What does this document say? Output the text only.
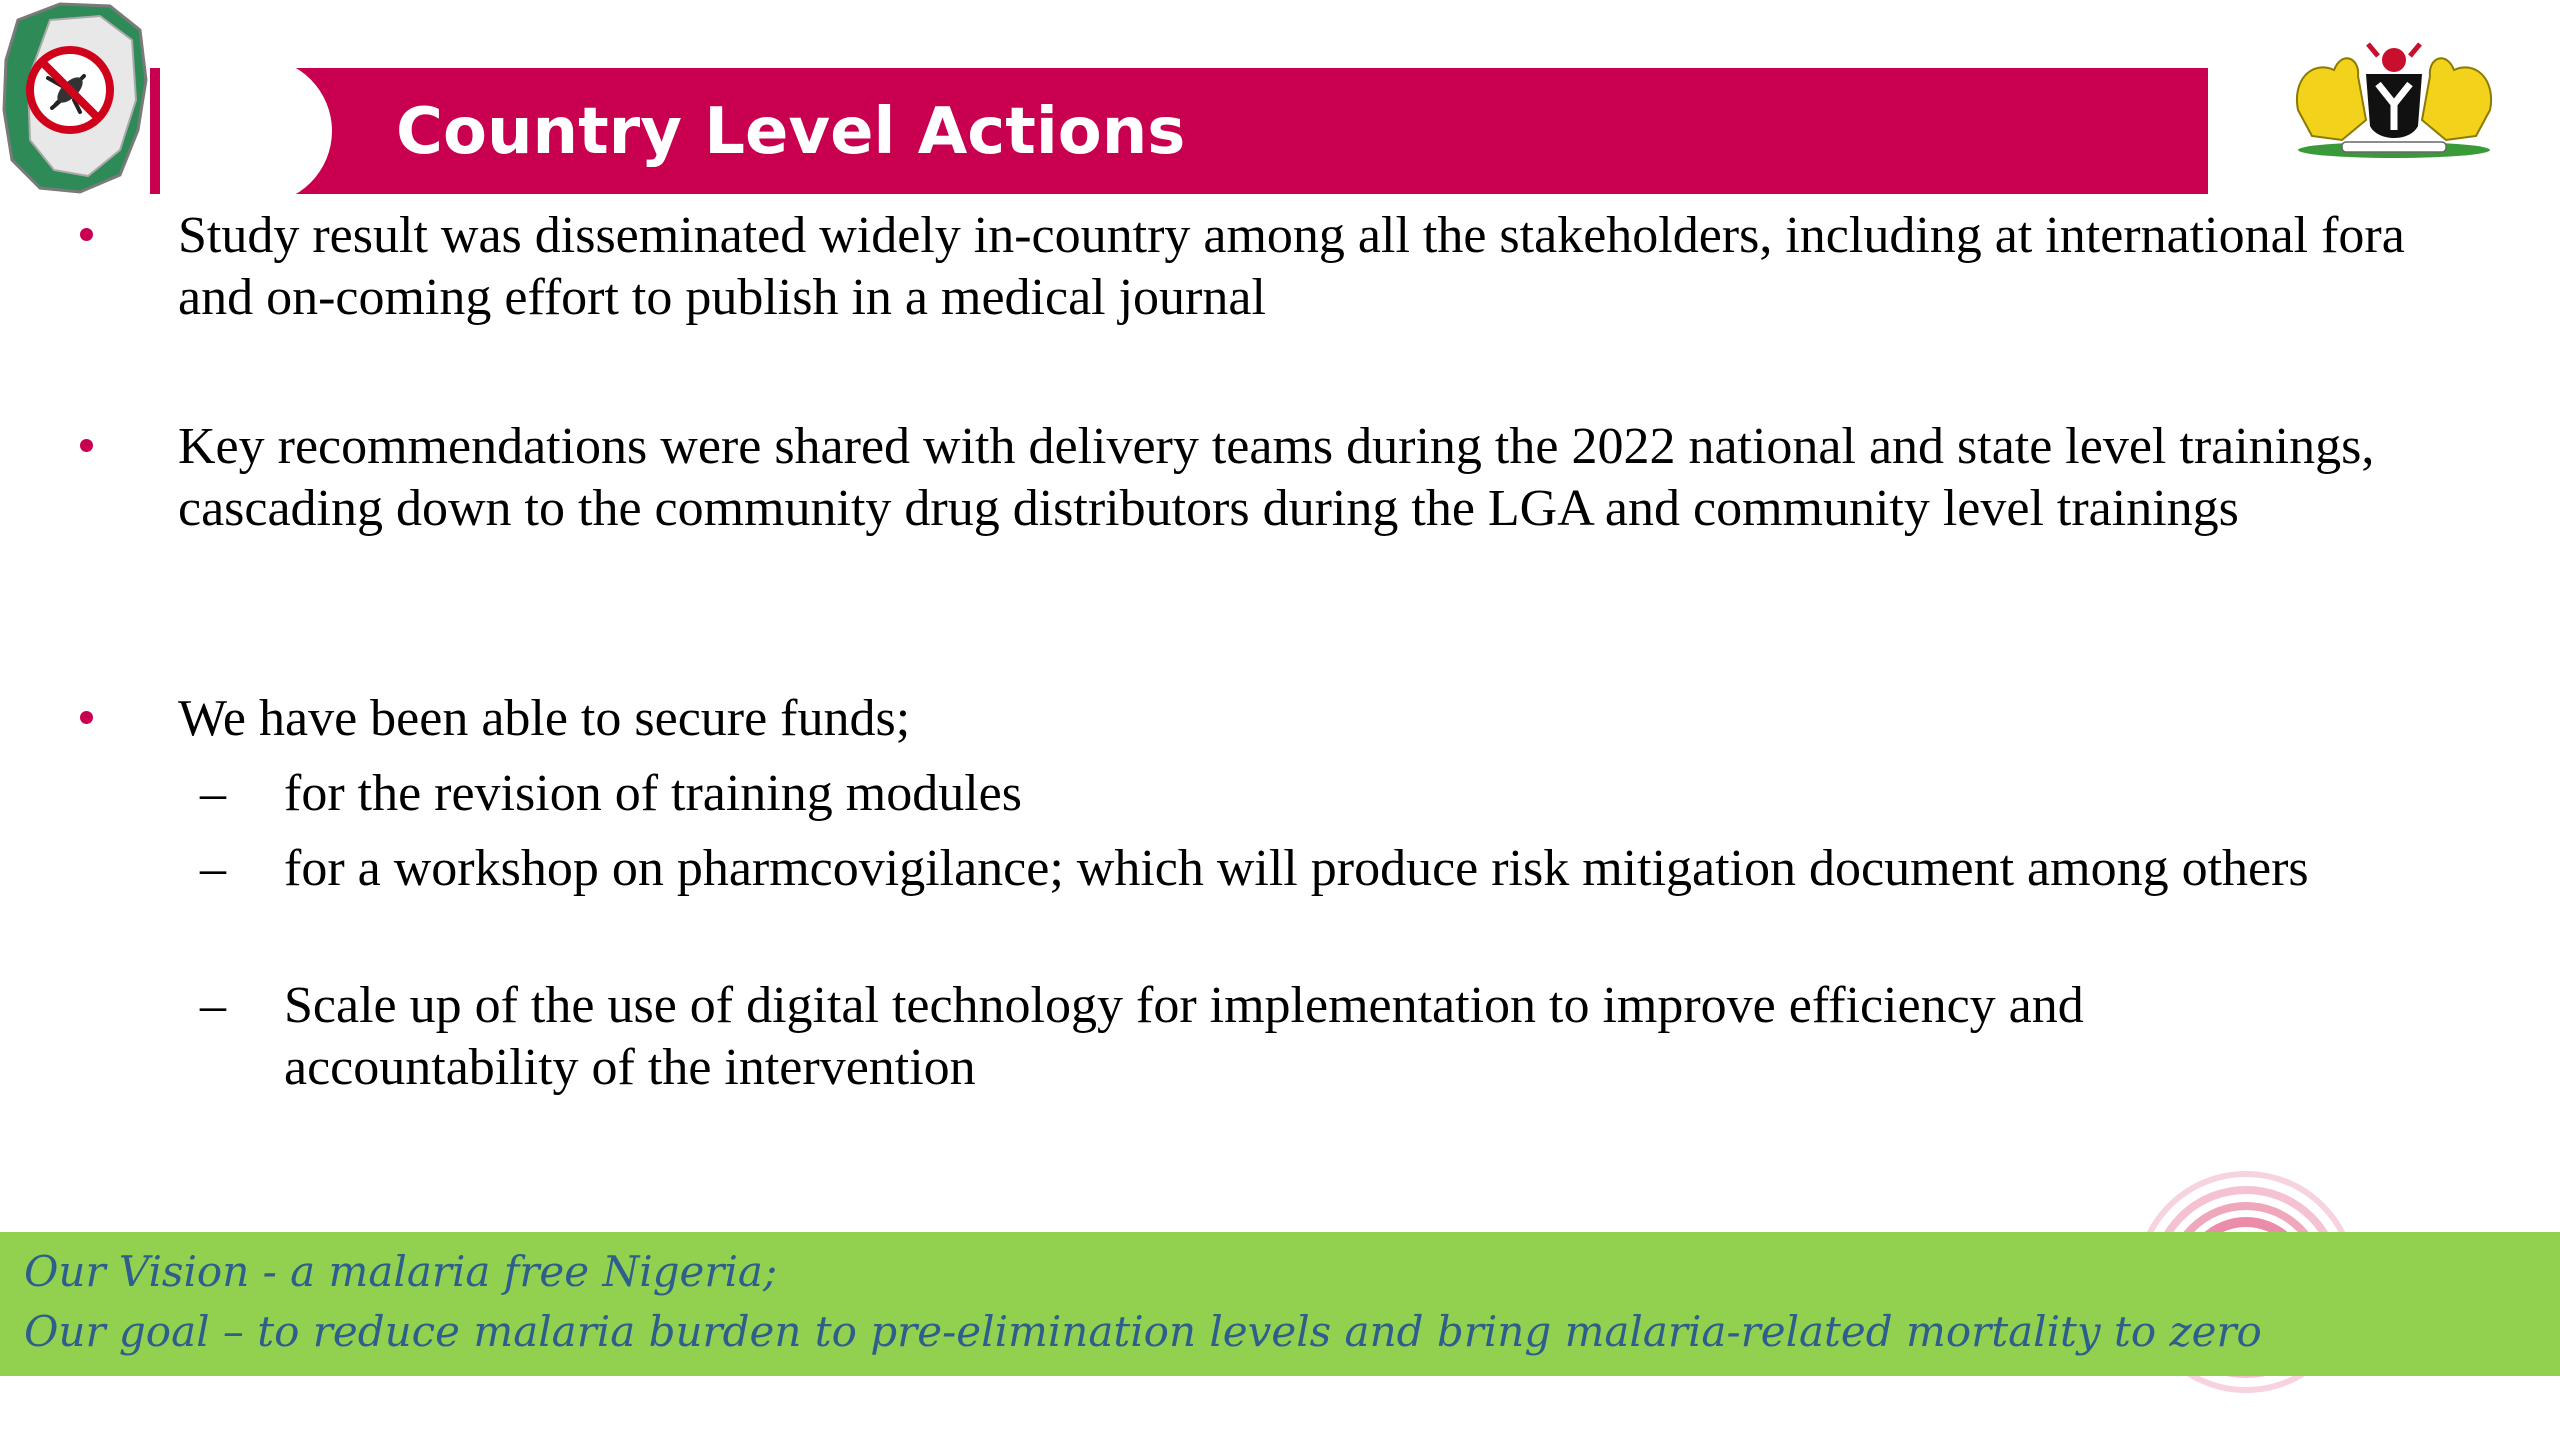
Country Level Actions
Study result was disseminated widely in-country among all the stakeholders, including at international fora and on-coming effort to publish in a medical journal
Key recommendations were shared with delivery teams during the 2022 national and state level trainings, cascading down to the community drug distributors during the LGA and community level trainings
We have been able to secure funds;
– for the revision of training modules
– for a workshop on pharmcovigilance; which will produce risk mitigation document among others
– Scale up of the use of digital technology for implementation to improve efficiency and accountability of the intervention
Our Vision - a malaria free Nigeria;
Our goal – to reduce malaria burden to pre-elimination levels and bring malaria-related mortality to zero
